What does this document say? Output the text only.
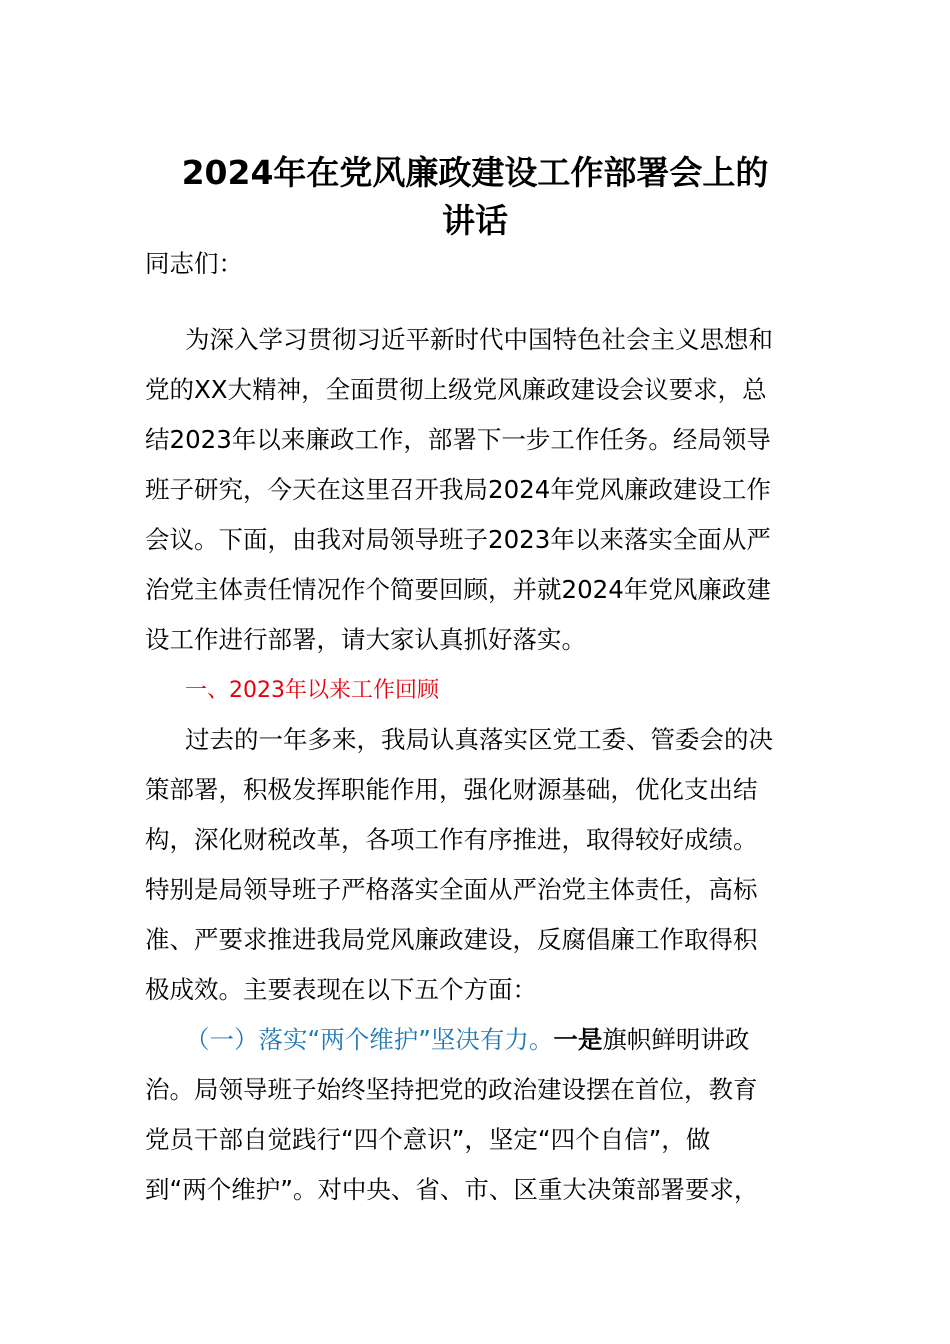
2024年在党风廉政建设工作部署会上的
讲话
同志们：
为深入学习贯彻习近平新时代中国特色社会主义思想和
党的XX大精神，全面贯彻上级党风廉政建设会议要求，总
结2023年以来廉政工作，部署下一步工作任务。经局领导
班子研究，今天在这里召开我局2024年党风廉政建设工作
会议。下面，由我对局领导班子2023年以来落实全面从严
治党主体责任情况作个简要回顾，并就2024年党风廉政建
设工作进行部署，请大家认真抓好落实。
一、2023年以来工作回顾
过去的一年多来，我局认真落实区党工委、管委会的决
策部署，积极发挥职能作用，强化财源基础，优化支出结
构，深化财税改革，各项工作有序推进，取得较好成绩。
特别是局领导班子严格落实全面从严治党主体责任，高标
准、严要求推进我局党风廉政建设，反腐倡廉工作取得积
极成效。主要表现在以下五个方面：
（一）落实“两个维护”坚决有力。一是旗帜鲜明讲政
治。局领导班子始终坚持把党的政治建设摆在首位，教育
党员干部自觉践行“四个意识”，坚定“四个自信”，做
到“两个维护”。对中央、省、市、区重大决策部署要求，
